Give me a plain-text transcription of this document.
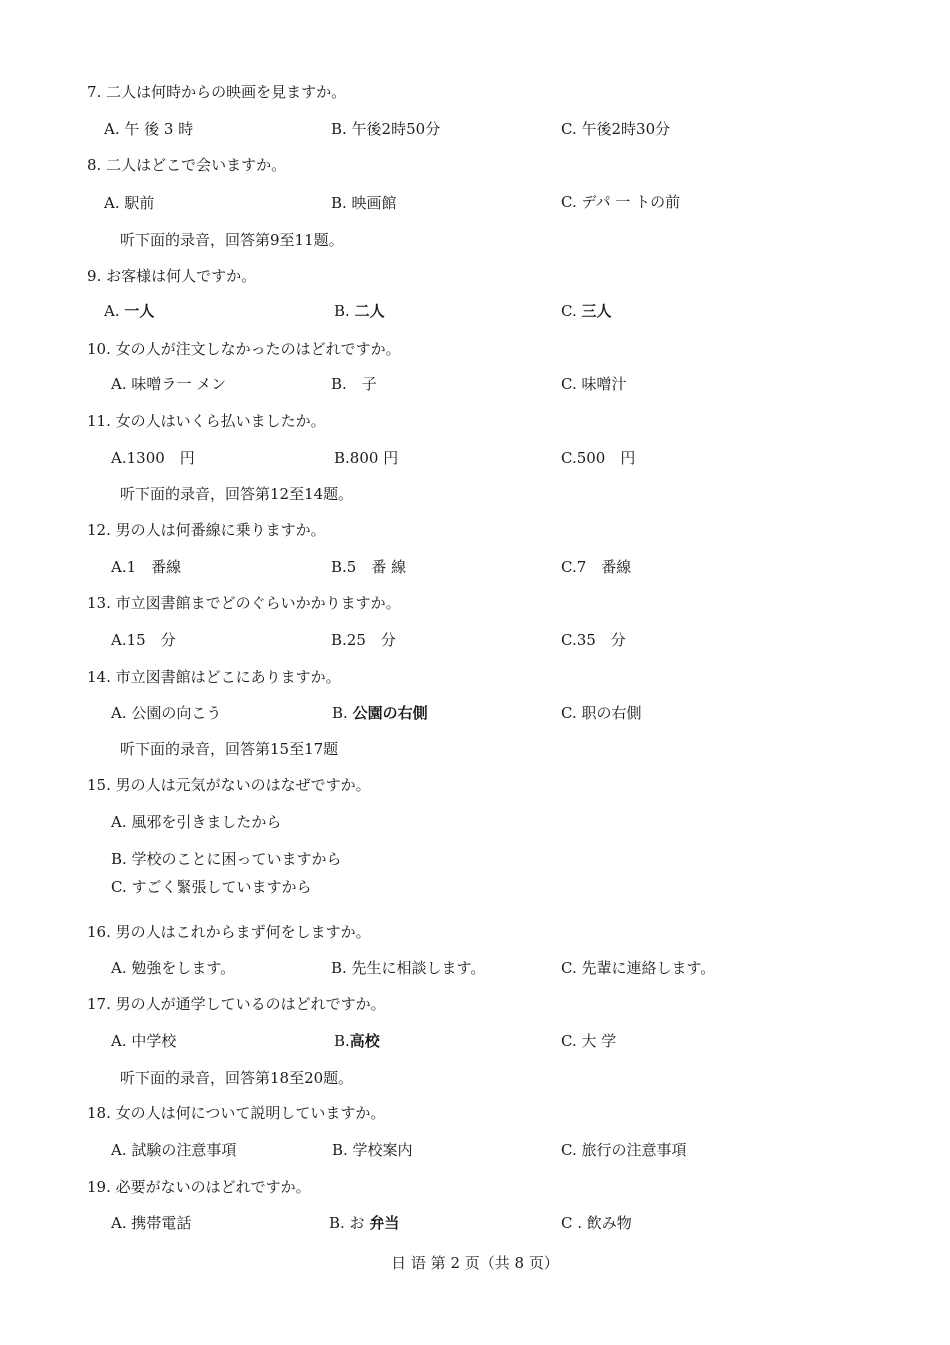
7. 二人は何時からの映画を見ますか。
A. 午 後 3 時	B. 午後2時50分	C. 午後2時30分
8. 二人はどこで会いますか。
A. 駅前	B. 映画館	C. デパ 一 トの前
听下面的录音，回答第9至11题。
9. お客様は何人ですか。
A. 一人	B. 二人	C. 三人
10. 女の人が注文しなかったのはどれですか。
A. 味噌ラ一 メン	B.　子	C. 味噌汁
11. 女の人はいくら払いましたか。
A.1300　円	B.800 円	C.500　円
听下面的录音，回答第12至14题。
12. 男の人は何番線に乗りますか。
A.1　番線	B.5　番 線	C.7　番線
13. 市立図書館までどのぐらいかかりますか。
A.15　分	B.25　分	C.35　分
14. 市立図書館はどこにありますか。
A. 公園の向こう	B. 公園の右側	C. 职の右側
听下面的录音，回答第15至17题
15. 男の人は元気がないのはなぜですか。
A. 風邪を引きましたから
B. 学校のことに困っていますから
C. すごく緊張していますから
16. 男の人はこれからまず何をしますか。
A. 勉強をします。	B. 先生に相談します。	C. 先輩に連絡します。
17. 男の人が通学しているのはどれですか。
A. 中学校	B.高校	C. 大 学
听下面的录音，回答第18至20题。
18. 女の人は何について説明していますか。
A. 試験の注意事項	B. 学校案内	C. 旅行の注意事項
19. 必要がないのはどれですか。
A. 携帯電話	B. お 弁当	C . 飲み物
日 语 第 2 页（共 8 页）
